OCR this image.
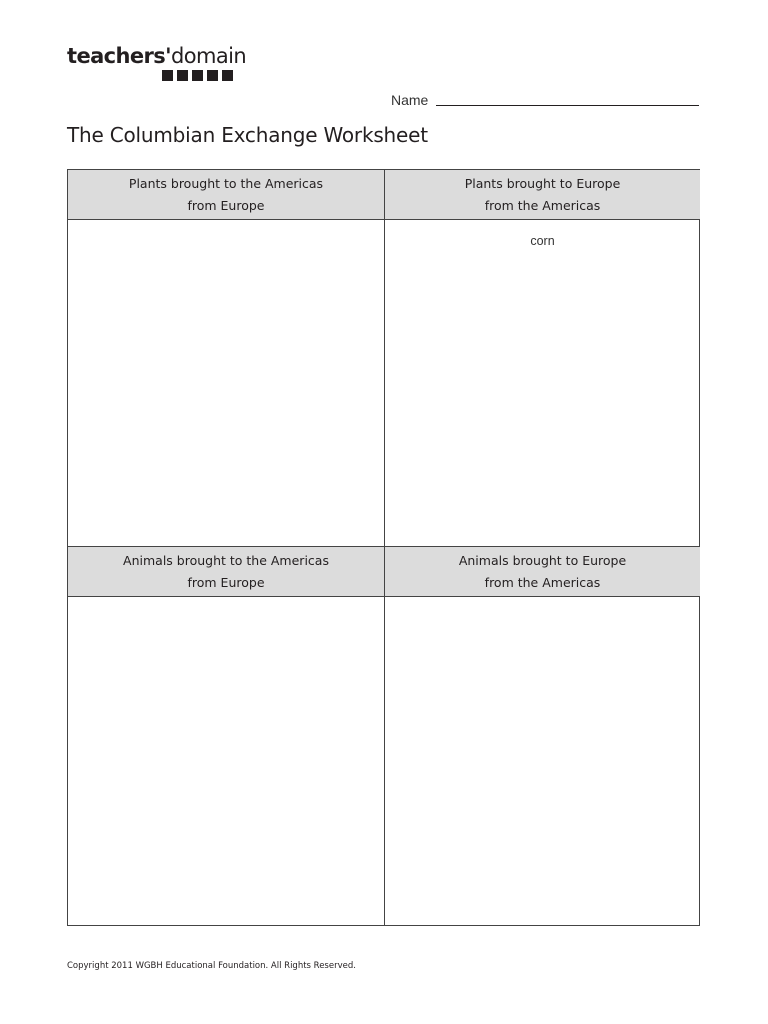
teachers'domain
Name
The Columbian Exchange Worksheet
Plants brought to the Americas
from Europe
Plants brought to Europe
from the Americas
Animals brought to the Americas
from Europe
Animals brought to Europe
from the Americas
corn
Copyright 2011 WGBH Educational Foundation. All Rights Reserved.
